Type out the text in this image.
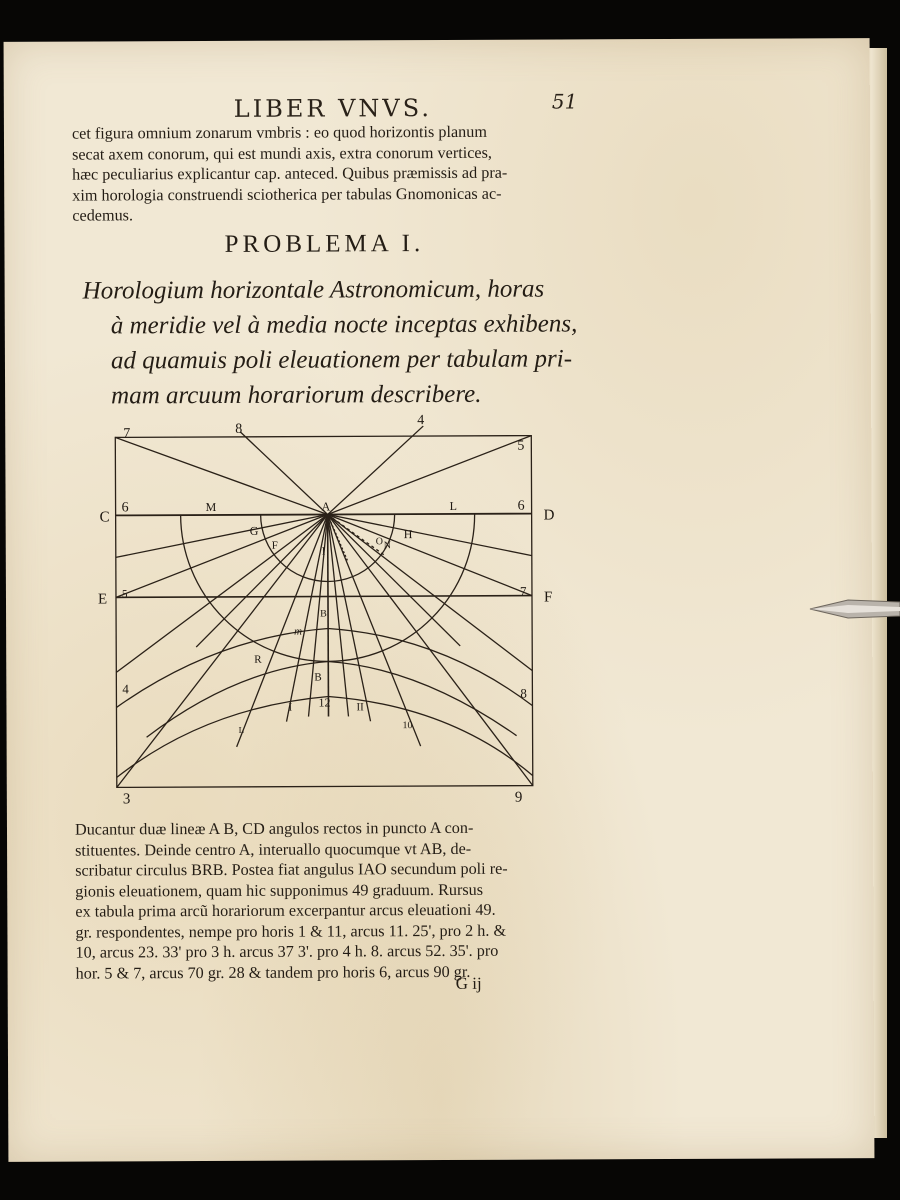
LIBER VNVS.	51
cet figura omnium zonarum vmbris : eo quod horizontis planum
secat axem conorum, qui est mundi axis, extra conorum vertices,
hæc peculiarius explicantur cap. anteced. Quibus præmissis ad pra-
xim horologia construendi sciothericа per tabulas Gnomonicas ac-
cedemus.
PROBLEMA I.
Horologium horizontale Astronomicum, horas
à meridie vel à media nocte inceptas exhibens,
ad quamuis poli eleuationem per tabulam pri-
mam arcuum horariorum describere.
7	8
4
5
6	6
C
M	A	L
D
G	H
F	O N
I
E	F
5	7
B
m
R
B
4	8
I 12 II
10
L
3	9
Ducantur duæ lineæ A B, CD angulos rectos in puncto A con-
stituentes. Deinde centro A, interuallo quocumque vt AB, de-
scribatur circulus BRB. Postea fiat angulus IAO secundum poli re-
gionis eleuationem, quam hic supponimus 49 graduum. Rursus
ex tabula prima arcũ horariorum excerpantur arcus eleuationi 49.
gr. respondentes, nempe pro horis 1 & 11, arcus 11. 25', pro 2 h. &
10, arcus 23. 33' pro 3 h. arcus 37 3'. pro 4 h. 8. arcus 52. 35'. pro
hor. 5 & 7, arcus 70 gr. 28 & tandem pro horis 6, arcus 90 gr.
G ij
